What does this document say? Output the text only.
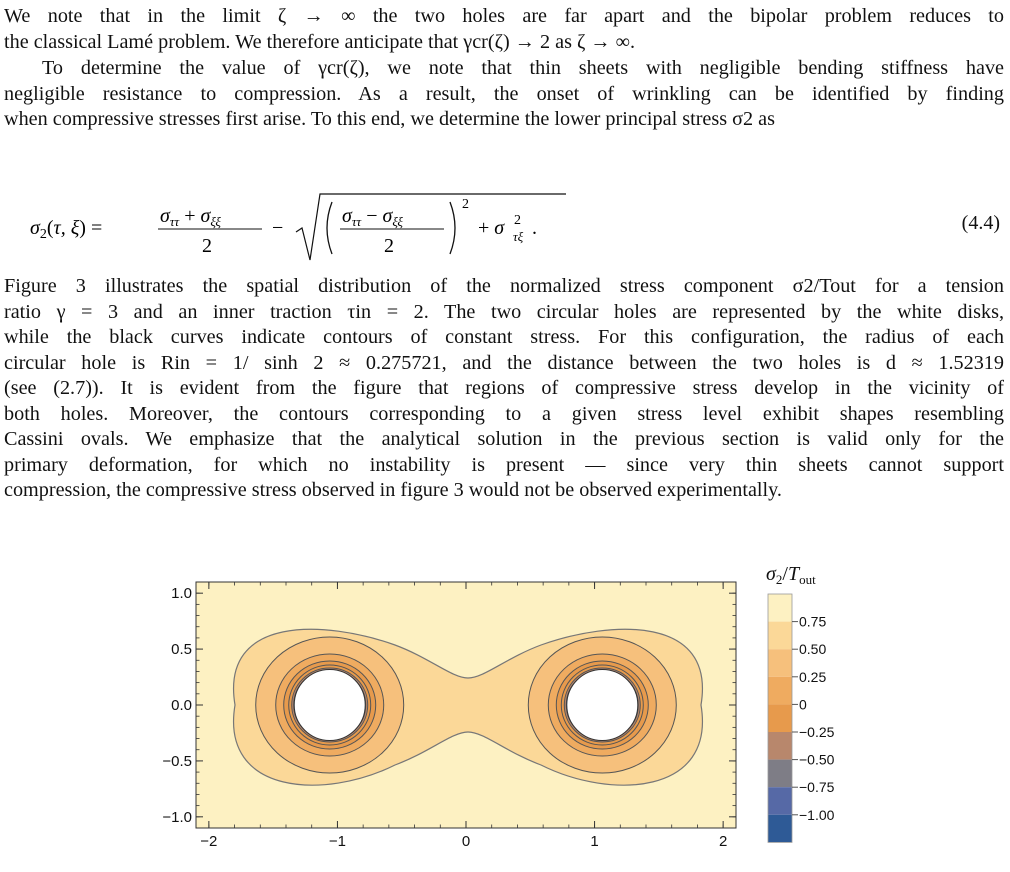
We note that in the limit ζ → ∞ the two holes are far apart and the bipolar problem reduces to
the classical Lamé problem. We therefore anticipate that γcr(ζ) → 2 as ζ → ∞.

To determine the value of γcr(ζ), we note that thin sheets with negligible bending stiffness have
negligible resistance to compression. As a result, the onset of wrinkling can be identified by finding
when compressive stresses first arise. To this end, we determine the lower principal stress σ2 as

$\sigma_2(\tau$, ξ) =
$\sigma_{\tau\tau} + \sigma_{\xi\xi}$
2
−
$\sigma_{\tau\tau} - \sigma_{\xi\xi}$
2
2
+ σ 2
τξ .	(4.4)

Figure 3 illustrates the spatial distribution of the normalized stress component σ2/Tout for a tension
ratio γ = 3 and an inner traction τin = 2. The two circular holes are represented by the white disks,
while the black curves indicate contours of constant stress. For this configuration, the radius of each
circular hole is Rin = 1/ sinh 2 ≈ 0.275721, and the distance between the two holes is d ≈ 1.52319
(see (2.7)). It is evident from the figure that regions of compressive stress develop in the vicinity of
both holes. Moreover, the contours corresponding to a given stress level exhibit shapes resembling
Cassini ovals. We emphasize that the analytical solution in the previous section is valid only for the
primary deformation, for which no instability is present — since very thin sheets cannot support
compression, the compressive stress observed in figure 3 would not be observed experimentally.

−2	−1	0	1	2
1.0
0.5
0.0
−0.5
−1.0
$\sigma_2/T_{out}$
0.75
0.50
0.25
0
−0.25
−0.50
−0.75
−1.00
